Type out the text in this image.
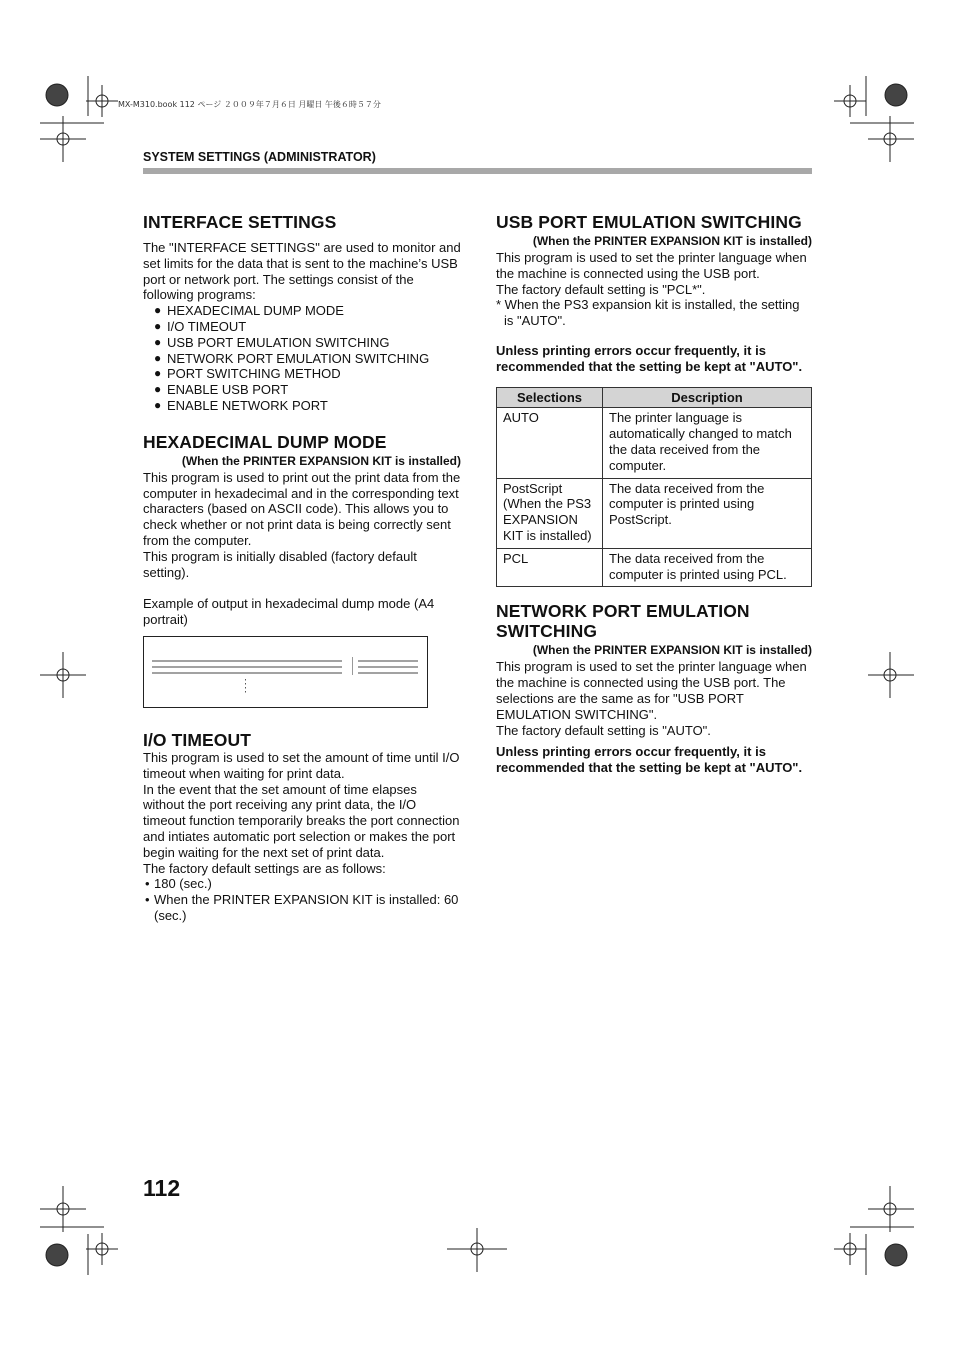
MX-M310.book 112 ページ ２００９年７月６日 月曜日 午後６時５７分
SYSTEM SETTINGS (ADMINISTRATOR)
INTERFACE SETTINGS

The "INTERFACE SETTINGS" are used to monitor and set limits for the data that is sent to the machine’s USB port or network port. The settings consist of the following programs:

● HEXADECIMAL DUMP MODE
● I/O TIMEOUT
● USB PORT EMULATION SWITCHING
● NETWORK PORT EMULATION SWITCHING
● PORT SWITCHING METHOD
● ENABLE USB PORT
● ENABLE NETWORK PORT
HEXADECIMAL DUMP MODE
(When the PRINTER EXPANSION KIT is installed)

This program is used to print out the print data from the computer in hexadecimal and in the corresponding text characters (based on ASCII code). This allows you to check whether or not print data is being correctly sent from the computer.

This program is initially disabled (factory default setting).

Example of output in hexadecimal dump mode (A4 portrait)

I/O TIMEOUT

This program is used to set the amount of time until I/O timeout when waiting for print data.

In the event that the set amount of time elapses without the port receiving any print data, the I/O timeout function temporarily breaks the port connection and intiates automatic port selection or makes the port begin waiting for the next set of print data.

The factory default settings are as follows:

• 180 (sec.)
• When the PRINTER EXPANSION KIT is installed: 60 (sec.)
USB PORT EMULATION SWITCHING
(When the PRINTER EXPANSION KIT is installed)

This program is used to set the printer language when the machine is connected using the USB port.

The factory default setting is "PCL*".

* When the PS3 expansion kit is installed, the setting is "AUTO".

Unless printing errors occur frequently, it is recommended that the setting be kept at "AUTO".

Selections	Description
AUTO	The printer language is automatically changed to match the data received from the computer.
PostScript (When the PS3 EXPANSION KIT is installed)	The data received from the computer is printed using PostScript.
PCL	The data received from the computer is printed using PCL.
NETWORK PORT EMULATION SWITCHING
(When the PRINTER EXPANSION KIT is installed)

This program is used to set the printer language when the machine is connected using the USB port. The selections are the same as for "USB PORT EMULATION SWITCHING".

The factory default setting is "AUTO".

Unless printing errors occur frequently, it is recommended that the setting be kept at "AUTO".

112
